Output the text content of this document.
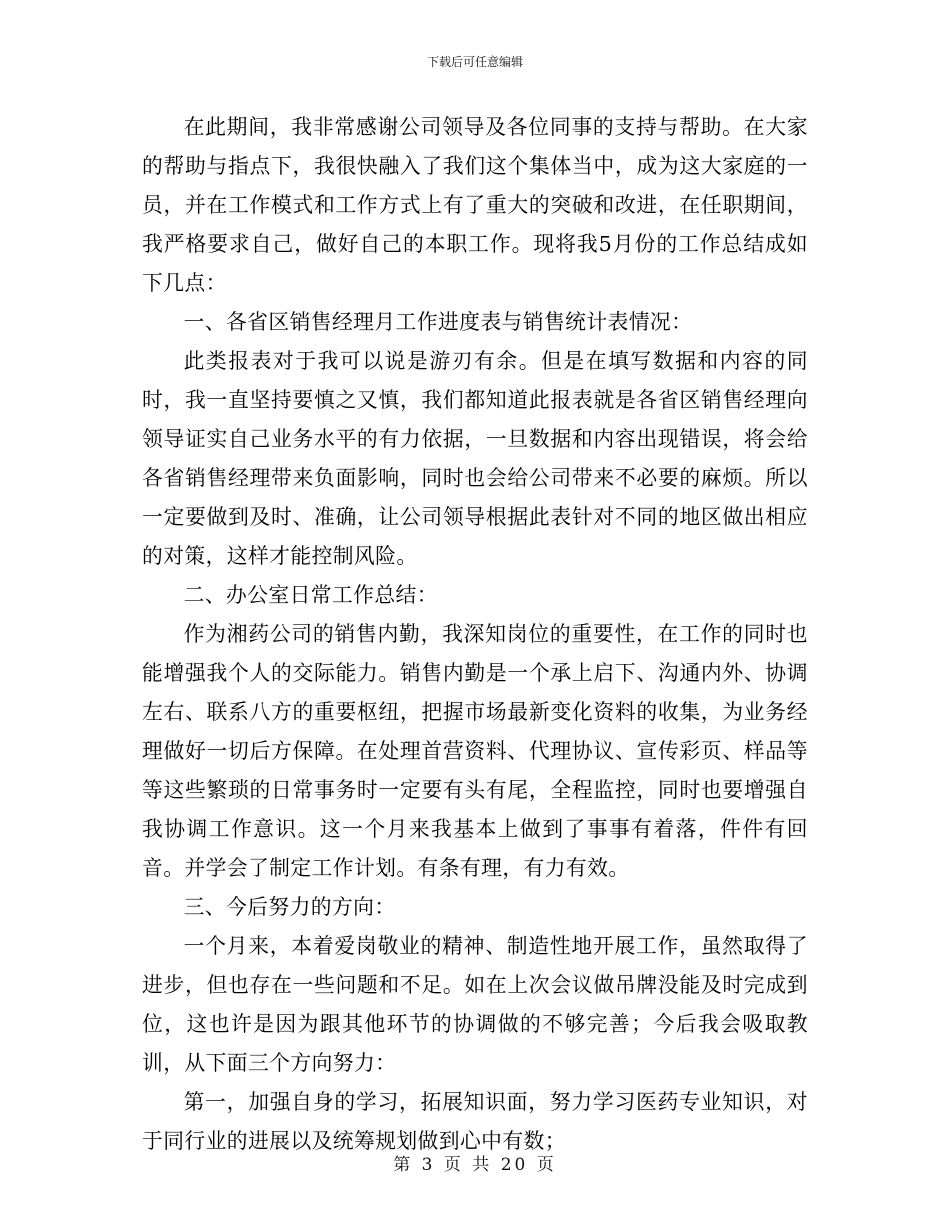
下载后可任意编辑

在此期间，我非常感谢公司领导及各位同事的支持与帮助。在大家的帮助与指点下，我很快融入了我们这个集体当中，成为这大家庭的一员，并在工作模式和工作方式上有了重大的突破和改进，在任职期间，我严格要求自己，做好自己的本职工作。现将我5月份的工作总结成如下几点：

一、各省区销售经理月工作进度表与销售统计表情况：

此类报表对于我可以说是游刃有余。但是在填写数据和内容的同时，我一直坚持要慎之又慎，我们都知道此报表就是各省区销售经理向领导证实自己业务水平的有力依据，一旦数据和内容出现错误，将会给各省销售经理带来负面影响，同时也会给公司带来不必要的麻烦。所以一定要做到及时、准确，让公司领导根据此表针对不同的地区做出相应的对策，这样才能控制风险。

二、办公室日常工作总结：

作为湘药公司的销售内勤，我深知岗位的重要性，在工作的同时也能增强我个人的交际能力。销售内勤是一个承上启下、沟通内外、协调左右、联系八方的重要枢纽，把握市场最新变化资料的收集，为业务经理做好一切后方保障。在处理首营资料、代理协议、宣传彩页、样品等等这些繁琐的日常事务时一定要有头有尾，全程监控，同时也要增强自我协调工作意识。这一个月来我基本上做到了事事有着落，件件有回音。并学会了制定工作计划。有条有理，有力有效。

三、今后努力的方向：

一个月来，本着爱岗敬业的精神、制造性地开展工作，虽然取得了进步，但也存在一些问题和不足。如在上次会议做吊牌没能及时完成到位，这也许是因为跟其他环节的协调做的不够完善；今后我会吸取教训，从下面三个方向努力：

第一，加强自身的学习，拓展知识面，努力学习医药专业知识，对于同行业的进展以及统筹规划做到心中有数；

第 3 页 共 20 页
